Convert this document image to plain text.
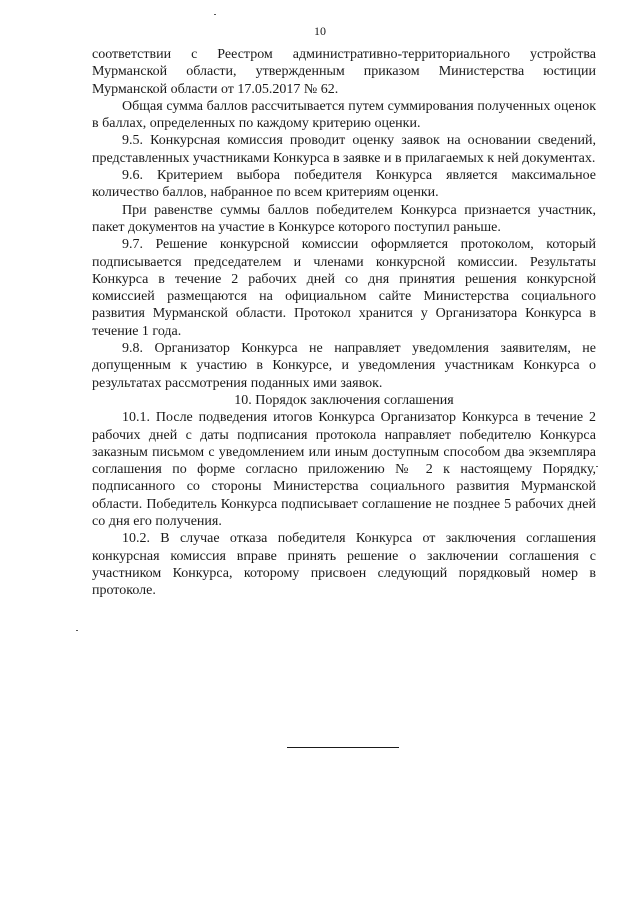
10

соответствии с Реестром административно-территориального устройства Мурманской области, утвержденным приказом Министерства юстиции Мурманской области от 17.05.2017 № 62.

Общая сумма баллов рассчитывается путем суммирования полученных оценок в баллах, определенных по каждому критерию оценки.

9.5. Конкурсная комиссия проводит оценку заявок на основании сведений, представленных участниками Конкурса в заявке и в прилагаемых к ней документах.

9.6. Критерием выбора победителя Конкурса является максимальное количество баллов, набранное по всем критериям оценки.

При равенстве суммы баллов победителем Конкурса признается участник, пакет документов на участие в Конкурсе которого поступил раньше.

9.7. Решение конкурсной комиссии оформляется протоколом, который подписывается председателем и членами конкурсной комиссии. Результаты Конкурса в течение 2 рабочих дней со дня принятия решения конкурсной комиссией размещаются на официальном сайте Министерства социального развития Мурманской области. Протокол хранится у Организатора Конкурса в течение 1 года.

9.8. Организатор Конкурса не направляет уведомления заявителям, не допущенным к участию в Конкурсе, и уведомления участникам Конкурса о результатах рассмотрения поданных ими заявок.

10. Порядок заключения соглашения

10.1. После подведения итогов Конкурса Организатор Конкурса в течение 2 рабочих дней с даты подписания протокола направляет победителю Конкурса заказным письмом с уведомлением или иным доступным способом два экземпляра соглашения по форме согласно приложению № 2 к настоящему Порядку, подписанного со стороны Министерства социального развития Мурманской области. Победитель Конкурса подписывает соглашение не позднее 5 рабочих дней со дня его получения.

10.2. В случае отказа победителя Конкурса от заключения соглашения конкурсная комиссия вправе принять решение о заключении соглашения с участником Конкурса, которому присвоен следующий порядковый номер в протоколе.
